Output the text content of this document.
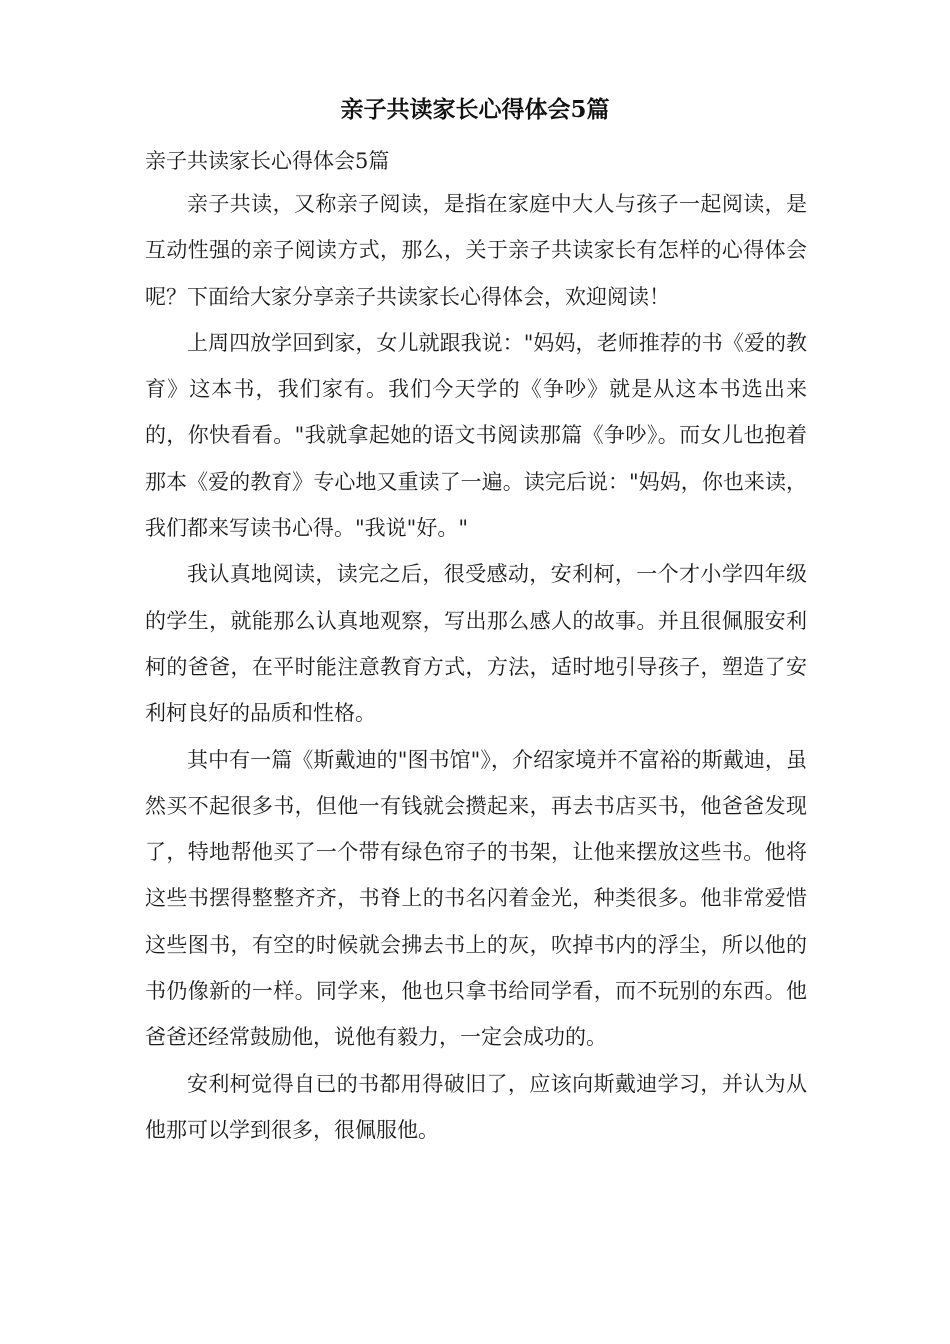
亲子共读家长心得体会5篇

亲子共读家长心得体会5篇

亲子共读，又称亲子阅读，是指在家庭中大人与孩子一起阅读，是互动性强的亲子阅读方式，那么，关于亲子共读家长有怎样的心得体会呢？下面给大家分享亲子共读家长心得体会，欢迎阅读！

上周四放学回到家，女儿就跟我说："妈妈，老师推荐的书《爱的教育》这本书，我们家有。我们今天学的《争吵》就是从这本书选出来的，你快看看。"我就拿起她的语文书阅读那篇《争吵》。而女儿也抱着那本《爱的教育》专心地又重读了一遍。读完后说："妈妈，你也来读，我们都来写读书心得。"我说"好。"

我认真地阅读，读完之后，很受感动，安利柯，一个才小学四年级的学生，就能那么认真地观察，写出那么感人的故事。并且很佩服安利柯的爸爸，在平时能注意教育方式，方法，适时地引导孩子，塑造了安利柯良好的品质和性格。

其中有一篇《斯戴迪的"图书馆"》，介绍家境并不富裕的斯戴迪，虽然买不起很多书，但他一有钱就会攒起来，再去书店买书，他爸爸发现了，特地帮他买了一个带有绿色帘子的书架，让他来摆放这些书。他将这些书摆得整整齐齐，书脊上的书名闪着金光，种类很多。他非常爱惜这些图书，有空的时候就会拂去书上的灰，吹掉书内的浮尘，所以他的书仍像新的一样。同学来，他也只拿书给同学看，而不玩别的东西。他爸爸还经常鼓励他，说他有毅力，一定会成功的。

安利柯觉得自已的书都用得破旧了，应该向斯戴迪学习，并认为从他那可以学到很多，很佩服他。
